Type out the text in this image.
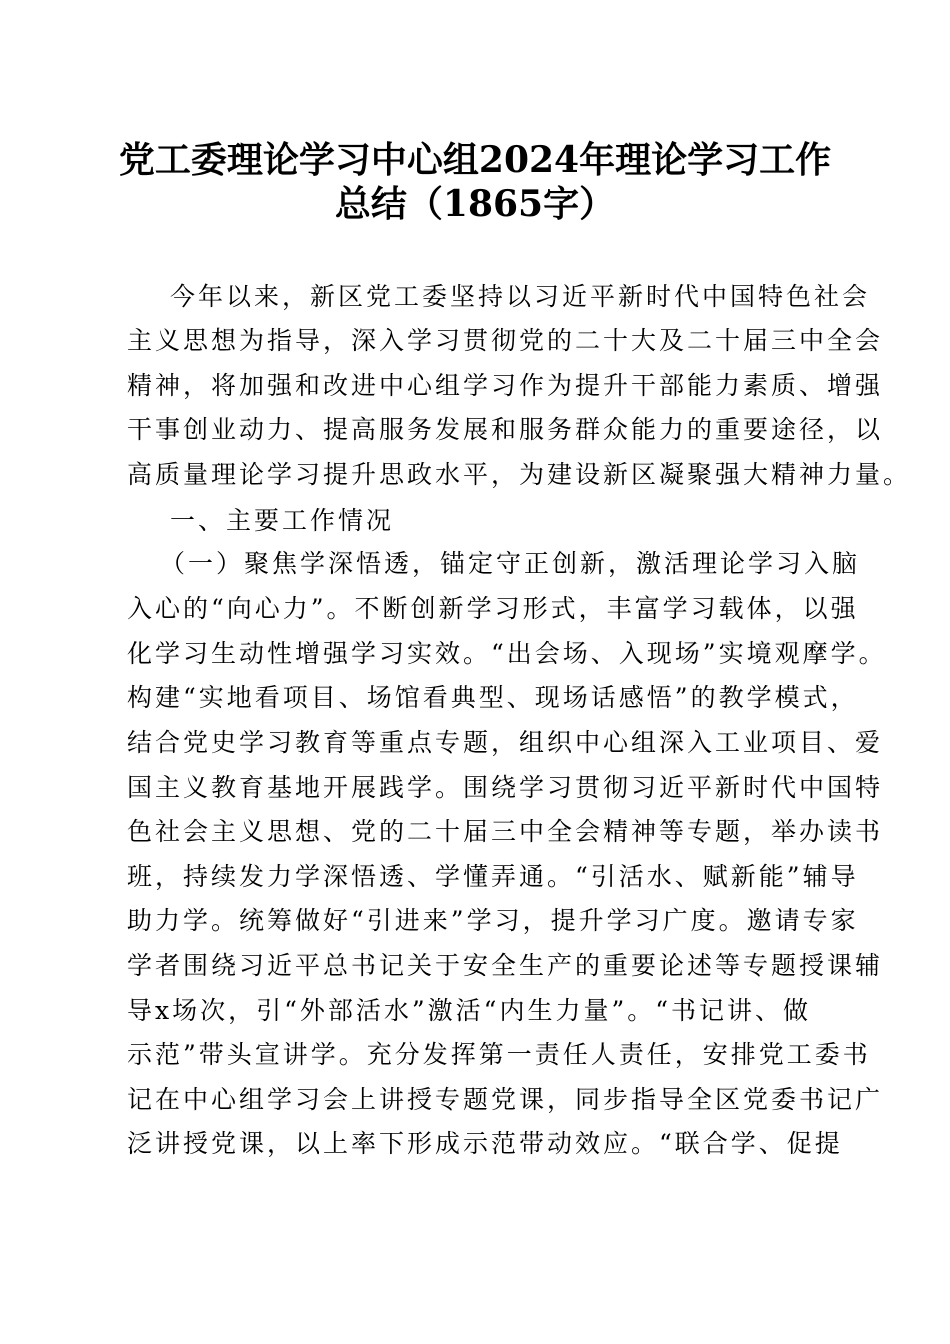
党工委理论学习中心组2024年理论学习工作
总结（1865字）
今年以来，新区党工委坚持以习近平新时代中国特色社会
主义思想为指导，深入学习贯彻党的二十大及二十届三中全会
精神，将加强和改进中心组学习作为提升干部能力素质、增强
干事创业动力、提高服务发展和服务群众能力的重要途径，以
高质量理论学习提升思政水平，为建设新区凝聚强大精神力量。
一、主要工作情况
（一）聚焦学深悟透，锚定守正创新，激活理论学习入脑
入心的“向心力”。不断创新学习形式，丰富学习载体，以强
化学习生动性增强学习实效。“出会场、入现场”实境观摩学。
构建“实地看项目、场馆看典型、现场话感悟”的教学模式，
结合党史学习教育等重点专题，组织中心组深入工业项目、爱
国主义教育基地开展践学。围绕学习贯彻习近平新时代中国特
色社会主义思想、党的二十届三中全会精神等专题，举办读书
班，持续发力学深悟透、学懂弄通。“引活水、赋新能”辅导
助力学。统筹做好“引进来”学习，提升学习广度。邀请专家
学者围绕习近平总书记关于安全生产的重要论述等专题授课辅
导x场次，引“外部活水”激活“内生力量”。“书记讲、做
示范”带头宣讲学。充分发挥第一责任人责任，安排党工委书
记在中心组学习会上讲授专题党课，同步指导全区党委书记广
泛讲授党课，以上率下形成示范带动效应。“联合学、促提
